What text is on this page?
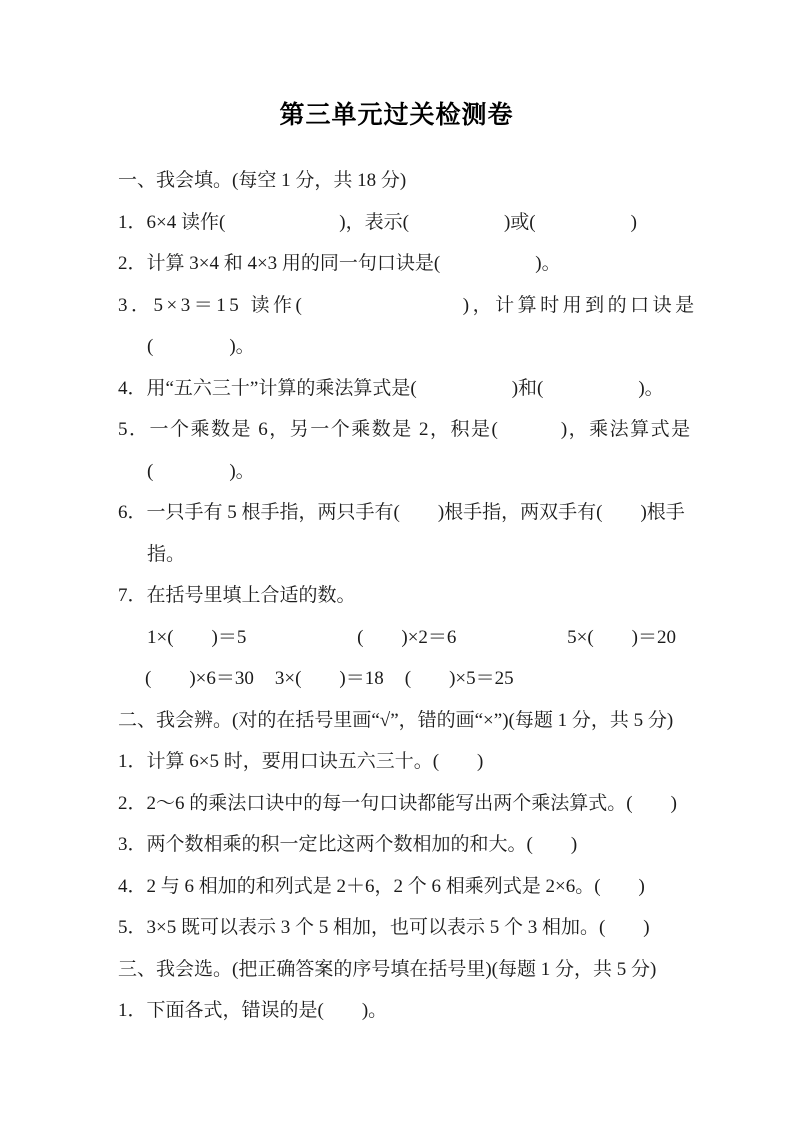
第三单元过关检测卷
一、我会填。(每空 1 分，共 18 分)
1．6×4 读作(　　　　　　)，表示(　　　　　)或(　　　　　)
2．计算 3×4 和 4×3 用的同一句口诀是(　　　　　)。
3．5×3＝15 读作(　　　　　　　)，计算时用到的口诀是
(　　　　)。
4．用“五六三十”计算的乘法算式是(　　　　　)和(　　　　　)。
5．一个乘数是 6，另一个乘数是 2，积是(　　　)，乘法算式是
(　　　　)。
6．一只手有 5 根手指，两只手有(　　)根手指，两双手有(　　)根手
指。
7．在括号里填上合适的数。
1×(　　)＝5	(　　)×2＝6	5×(　　)＝20
(　　)×6＝30 3×(　　)＝18 (　　)×5＝25
二、我会辨。(对的在括号里画“√”，错的画“×”)(每题 1 分，共 5 分)
1．计算 6×5 时，要用口诀五六三十。(　　)
2．2～6 的乘法口诀中的每一句口诀都能写出两个乘法算式。(　　)
3．两个数相乘的积一定比这两个数相加的和大。(　　)
4．2 与 6 相加的和列式是 2＋6，2 个 6 相乘列式是 2×6。(　　)
5．3×5 既可以表示 3 个 5 相加，也可以表示 5 个 3 相加。(　　)
三、我会选。(把正确答案的序号填在括号里)(每题 1 分，共 5 分)
1．下面各式，错误的是(　　)。
